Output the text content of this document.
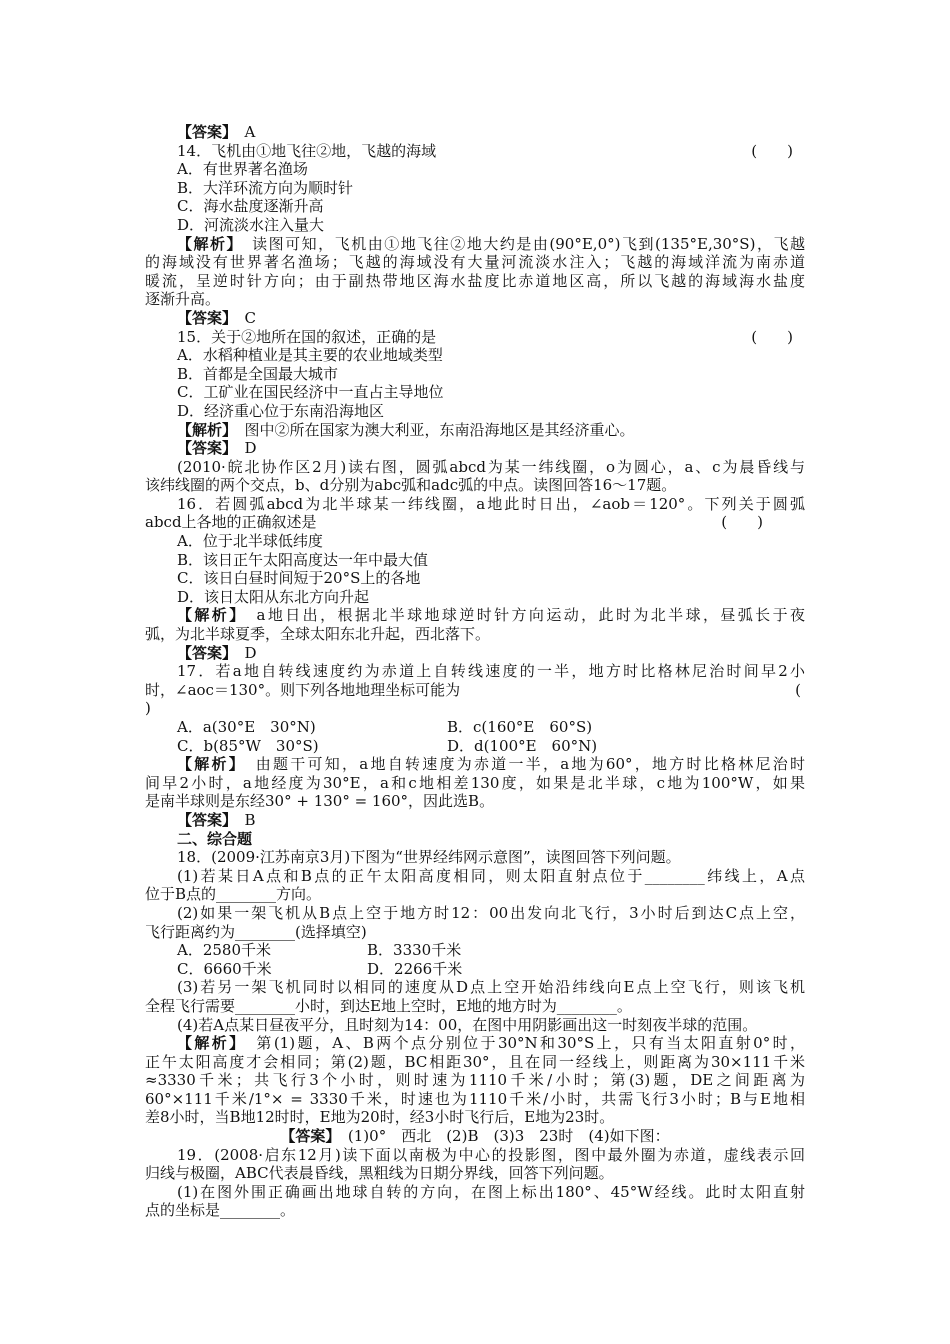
【答案】　A
14．飞机由①地飞往②地，飞越的海域	(　　)
A．有世界著名渔场
B．大洋环流方向为顺时针
C．海水盐度逐渐升高
D．河流淡水注入量大
【解析】　读图可知，飞机由①地飞往②地大约是由(90°E,0°)飞到(135°E,30°S)，飞越
的海域没有世界著名渔场；飞越的海域没有大量河流淡水注入；飞越的海域洋流为南赤道
暖流，呈逆时针方向；由于副热带地区海水盐度比赤道地区高，所以飞越的海域海水盐度
逐渐升高。
【答案】　C
15．关于②地所在国的叙述，正确的是	(　　)
A．水稻种植业是其主要的农业地域类型
B．首都是全国最大城市
C．工矿业在国民经济中一直占主导地位
D．经济重心位于东南沿海地区
【解析】　图中②所在国家为澳大利亚，东南沿海地区是其经济重心。
【答案】　D
(2010·皖北协作区2月)读右图，圆弧abcd为某一纬线圈，o为圆心，a、c为晨昏线与
该纬线圈的两个交点，b、d分别为abc弧和adc弧的中点。读图回答16～17题。
16．若圆弧abcd为北半球某一纬线圈，a地此时日出，∠aob＝120°。下列关于圆弧
abcd上各地的正确叙述是	(　　)
A．位于北半球低纬度
B．该日正午太阳高度达一年中最大值
C．该日白昼时间短于20°S上的各地
D．该日太阳从东北方向升起
【解析】　a地日出，根据北半球地球逆时针方向运动，此时为北半球，昼弧长于夜
弧，为北半球夏季，全球太阳东北升起，西北落下。
【答案】　D
17．若a地自转线速度约为赤道上自转线速度的一半，地方时比格林尼治时间早2小
时，∠aoc＝130°。则下列各地地理坐标可能为	(
)
A．a(30°E　30°N)	B．c(160°E　60°S)
C．b(85°W　30°S)	D．d(100°E　60°N)
【解析】　由题干可知，a地自转速度为赤道一半，a地为60°，地方时比格林尼治时
间早2小时，a地经度为30°E，a和c地相差130度，如果是北半球，c地为100°W，如果
是南半球则是东经30° + 130° = 160°，因此选B。
【答案】　B
二、综合题
18．(2009·江苏南京3月)下图为“世界经纬网示意图”，读图回答下列问题。
(1)若某日A点和B点的正午太阳高度相同，则太阳直射点位于________纬线上，A点
位于B点的________方向。
(2)如果一架飞机从B点上空于地方时12：00出发向北飞行，3小时后到达C点上空，
飞行距离约为________(选择填空)
A．2580千米	B．3330千米
C．6660千米	D．2266千米
(3)若另一架飞机同时以相同的速度从D点上空开始沿纬线向E点上空飞行，则该飞机
全程飞行需要________小时，到达E地上空时，E地的地方时为________。
(4)若A点某日昼夜平分，且时刻为14：00，在图中用阴影画出这一时刻夜半球的范围。
【解析】　第(1)题，A、B两个点分别位于30°N和30°S上，只有当太阳直射0°时，
正午太阳高度才会相同；第(2)题，BC相距30°，且在同一经线上，则距离为30×111千米
≈3330千米；共飞行3个小时，则时速为1110千米/小时；第(3)题，DE之间距离为
60°×111千米/1°× = 3330千米，时速也为1110千米/小时，共需飞行3小时；B与E地相
差8小时，当B地12时时，E地为20时，经3小时飞行后，E地为23时。
【答案】　(1)0°　西北　(2)B　(3)3　23时　(4)如下图：
19．(2008·启东12月)读下面以南极为中心的投影图，图中最外圈为赤道，虚线表示回
归线与极圈，ABC代表晨昏线，黑粗线为日期分界线，回答下列问题。
(1)在图外围正确画出地球自转的方向，在图上标出180°、45°W经线。此时太阳直射
点的坐标是________。
